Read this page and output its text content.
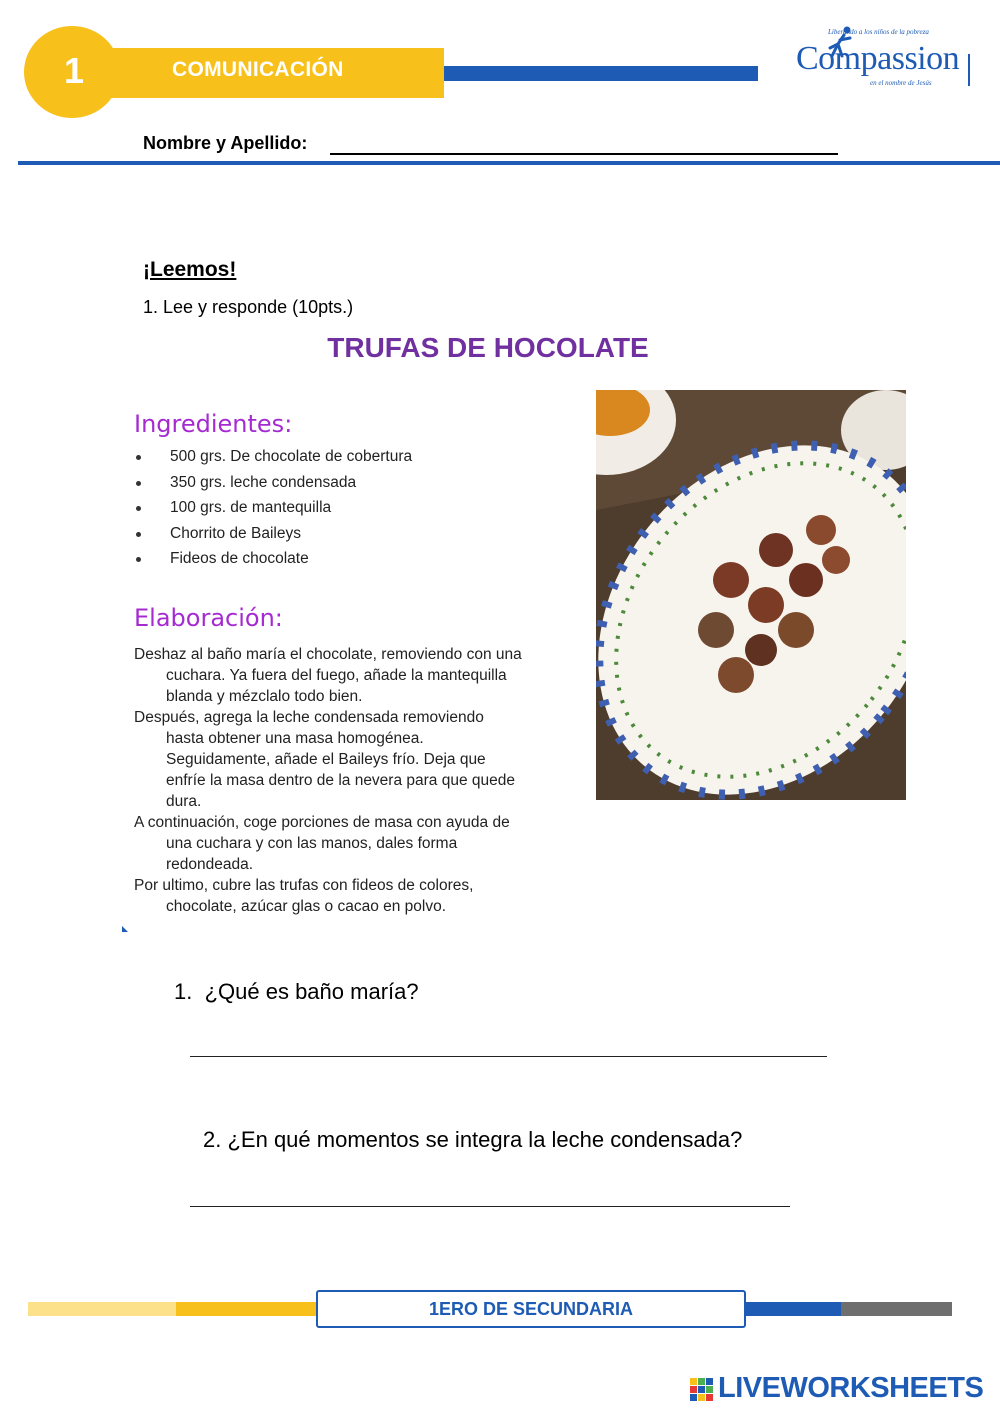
1	COMUNICACIÓN
Liberando a los niños de la pobreza
Compassion
en el nombre de Jesús
Nombre y Apellido:
¡Leemos!
1. Lee y responde (10pts.)
TRUFAS DE HOCOLATE
Ingredientes:
500 grs. De chocolate de cobertura
350 grs. leche condensada
100 grs. de mantequilla
Chorrito de Baileys
Fideos de chocolate
Elaboración:

Deshaz al baño maría el chocolate, removiendo con una cuchara. Ya fuera del fuego, añade la mantequilla blanda y mézclalo todo bien.

Después, agrega la leche condensada removiendo hasta obtener una masa homogénea. Seguidamente, añade el Baileys frío. Deja que enfríe la masa dentro de la nevera para que quede dura.

A continuación, coge porciones de masa con ayuda de una cuchara y con las manos, dales forma redondeada.

Por ultimo, cubre las trufas con fideos de colores, chocolate, azúcar glas o cacao en polvo.

1. ¿Qué es baño maría?
2. ¿En qué momentos se integra la leche condensada?
1ERO DE SECUNDARIA
LIVEWORKSHEETS
